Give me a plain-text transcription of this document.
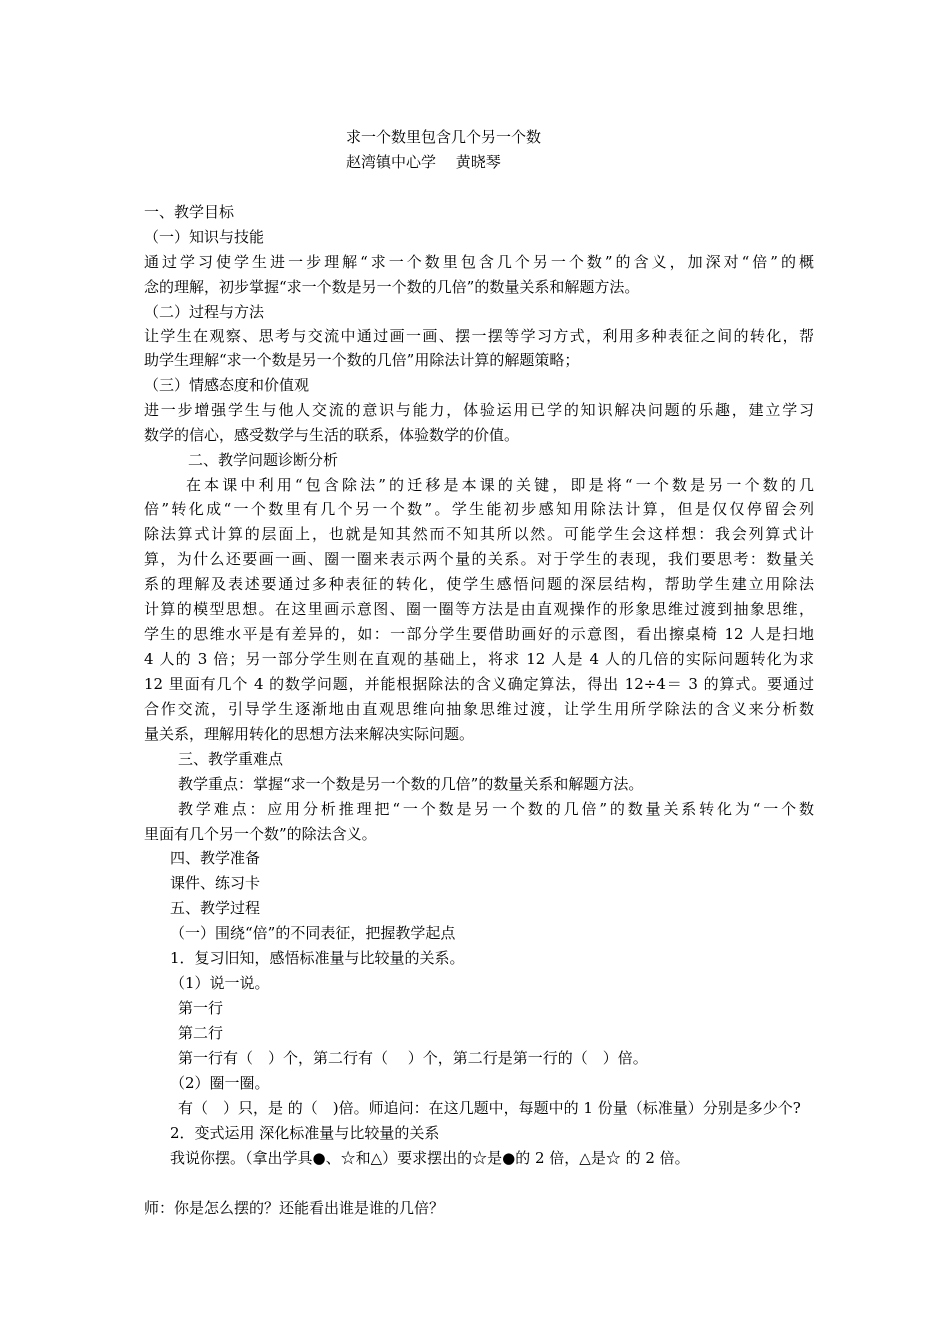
求一个数里包含几个另一个数
赵湾镇中心学　 黄晓琴
一、教学目标
（一）知识与技能
通过学习使学生进一步理解“求一个数里包含几个另一个数”的含义，加深对“倍”的概
念的理解，初步掌握“求一个数是另一个数的几倍”的数量关系和解题方法。
（二）过程与方法
让学生在观察、思考与交流中通过画一画、摆一摆等学习方式，利用多种表征之间的转化，帮
助学生理解“求一个数是另一个数的几倍”用除法计算的解题策略；
（三）情感态度和价值观
进一步增强学生与他人交流的意识与能力，体验运用已学的知识解决问题的乐趣，建立学习
数学的信心，感受数学与生活的联系，体验数学的价值。
二、教学问题诊断分析
在本课中利用“包含除法”的迁移是本课的关键，即是将“一个数是另一个数的几
倍”转化成“一个数里有几个另一个数”。学生能初步感知用除法计算，但是仅仅停留会列
除法算式计算的层面上，也就是知其然而不知其所以然。可能学生会这样想：我会列算式计
算，为什么还要画一画、圈一圈来表示两个量的关系。对于学生的表现，我们要思考：数量关
系的理解及表述要通过多种表征的转化，使学生感悟问题的深层结构，帮助学生建立用除法
计算的模型思想。在这里画示意图、圈一圈等方法是由直观操作的形象思维过渡到抽象思维，
学生的思维水平是有差异的，如：一部分学生要借助画好的示意图，看出擦桌椅 12 人是扫地
4 人的 3 倍；另一部分学生则在直观的基础上，将求 12 人是 4 人的几倍的实际问题转化为求
12 里面有几个 4 的数学问题，并能根据除法的含义确定算法，得出 12÷4＝ 3 的算式。要通过
合作交流，引导学生逐渐地由直观思维向抽象思维过渡，让学生用所学除法的含义来分析数
量关系，理解用转化的思想方法来解决实际问题。
三、教学重难点
教学重点：掌握“求一个数是另一个数的几倍”的数量关系和解题方法。
教学难点：应用分析推理把“一个数是另一个数的几倍”的数量关系转化为“一个数
里面有几个另一个数”的除法含义。
四、教学准备
课件、练习卡
五、教学过程
（一）围绕“倍”的不同表征，把握教学起点
1．复习旧知，感悟标准量与比较量的关系。
（1）说一说。
第一行
第二行
第一行有（　）个，第二行有（　 ）个，第二行是第一行的（　）倍。
（2）圈一圈。
有（　）只，是 的（　)倍。师追问：在这几题中，每题中的 1 份量（标准量）分别是多少个?
2．变式运用 深化标准量与比较量的关系
我说你摆。（拿出学具●、☆和△）要求摆出的☆是●的 2 倍，△是☆ 的 2 倍。
师：你是怎么摆的？还能看出谁是谁的几倍？
